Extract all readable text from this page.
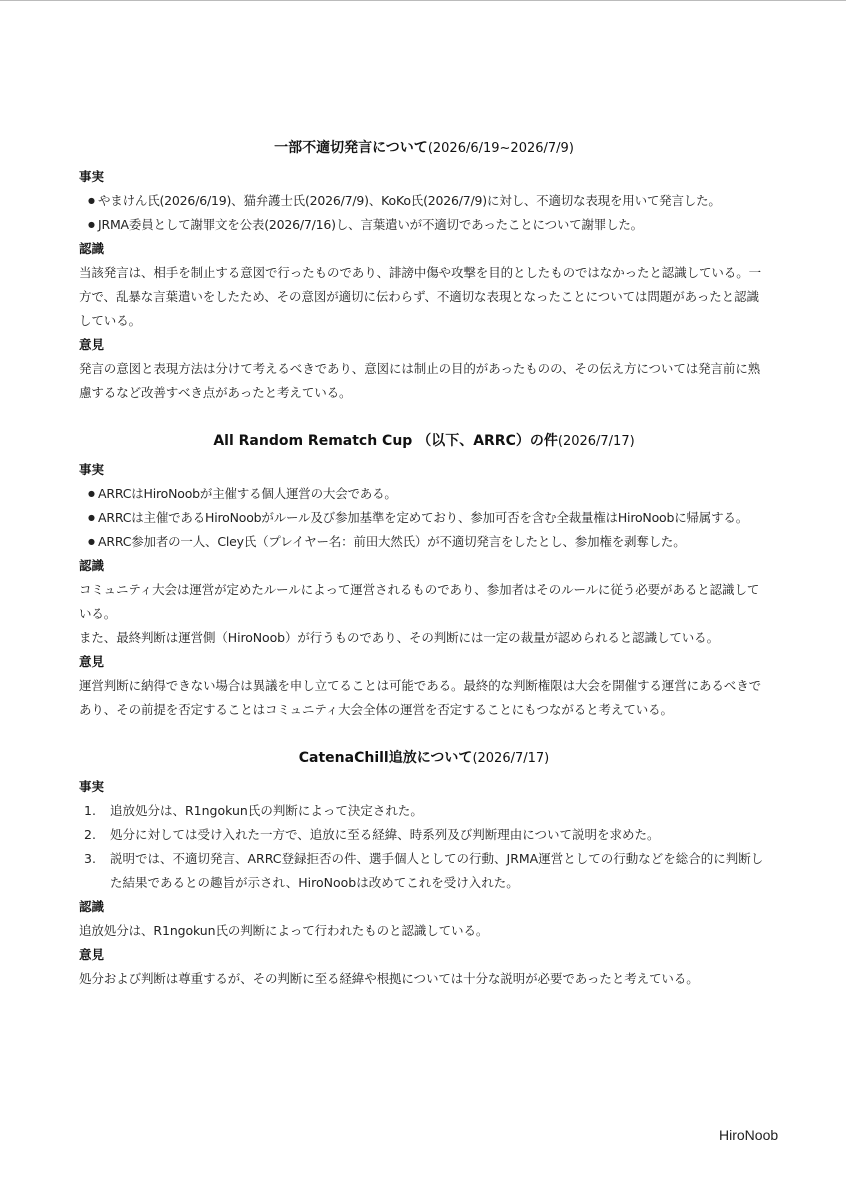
一部不適切発言について(2026/6/19~2026/7/9)
事実
● やまけん氏(2026/6/19)、猫弁護士氏(2026/7/9)、KoKo氏(2026/7/9)に対し、不適切な表現を用いて発言した。
● JRMA委員として謝罪文を公表(2026/7/16)し、言葉遣いが不適切であったことについて謝罪した。
認識

当該発言は、相手を制止する意図で行ったものであり、誹謗中傷や攻撃を目的としたものではなかったと認識している。一方で、乱暴な言葉遣いをしたため、その意図が適切に伝わらず、不適切な表現となったことについては問題があったと認識している。

意見

発言の意図と表現方法は分けて考えるべきであり、意図には制止の目的があったものの、その伝え方については発言前に熟慮するなど改善すべき点があったと考えている。

All Random Rematch Cup （以下、ARRC）の件(2026/7/17)
事実
● ARRCはHiroNoobが主催する個人運営の大会である。
● ARRCは主催であるHiroNoobがルール及び参加基準を定めており、参加可否を含む全裁量権はHiroNoobに帰属する。
● ARRC参加者の一人、Cley氏（プレイヤー名：前田大然氏）が不適切発言をしたとし、参加権を剥奪した。
認識

コミュニティ大会は運営が定めたルールによって運営されるものであり、参加者はそのルールに従う必要があると認識している。

また、最終判断は運営側（HiroNoob）が行うものであり、その判断には一定の裁量が認められると認識している。

意見

運営判断に納得できない場合は異議を申し立てることは可能である。最終的な判断権限は大会を開催する運営にあるべきであり、その前提を否定することはコミュニティ大会全体の運営を否定することにもつながると考えている。

CatenaChill追放について(2026/7/17)
事実
1. 追放処分は、R1ngokun氏の判断によって決定された。
2. 処分に対しては受け入れた一方で、追放に至る経緯、時系列及び判断理由について説明を求めた。
3. 説明では、不適切発言、ARRC登録拒否の件、選手個人としての行動、JRMA運営としての行動などを総合的に判断した結果であるとの趣旨が示され、HiroNoobは改めてこれを受け入れた。
認識

追放処分は、R1ngokun氏の判断によって行われたものと認識している。

意見

処分および判断は尊重するが、その判断に至る経緯や根拠については十分な説明が必要であったと考えている。

HiroNoob
